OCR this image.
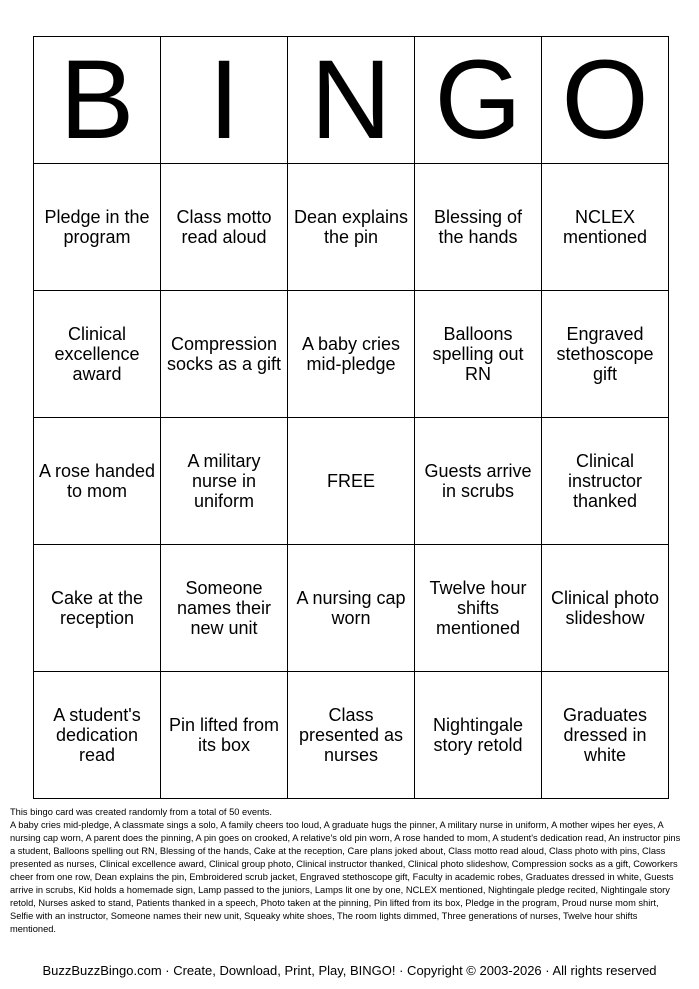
B	I	N	G	O
Pledge in the program	Class motto read aloud	Dean explains the pin	Blessing of the hands	NCLEX mentioned
Clinical excellence award	Compression socks as a gift	A baby cries mid-pledge	Balloons spelling out RN	Engraved stethoscope gift
A rose handed to mom	A military nurse in uniform	FREE	Guests arrive in scrubs	Clinical instructor thanked
Cake at the reception	Someone names their new unit	A nursing cap worn	Twelve hour shifts mentioned	Clinical photo slideshow
A student's dedication read	Pin lifted from its box	Class presented as nurses	Nightingale story retold	Graduates dressed in white

This bingo card was created randomly from a total of 50 events.

A baby cries mid-pledge, A classmate sings a solo, A family cheers too loud, A graduate hugs the pinner, A military nurse in uniform, A mother wipes her eyes, A nursing cap worn, A parent does the pinning, A pin goes on crooked, A relative's old pin worn, A rose handed to mom, A student's dedication read, An instructor pins a student, Balloons spelling out RN, Blessing of the hands, Cake at the reception, Care plans joked about, Class motto read aloud, Class photo with pins, Class presented as nurses, Clinical excellence award, Clinical group photo, Clinical instructor thanked, Clinical photo slideshow, Compression socks as a gift, Coworkers cheer from one row, Dean explains the pin, Embroidered scrub jacket, Engraved stethoscope gift, Faculty in academic robes, Graduates dressed in white, Guests arrive in scrubs, Kid holds a homemade sign, Lamp passed to the juniors, Lamps lit one by one, NCLEX mentioned, Nightingale pledge recited, Nightingale story retold, Nurses asked to stand, Patients thanked in a speech, Photo taken at the pinning, Pin lifted from its box, Pledge in the program, Proud nurse mom shirt, Selfie with an instructor, Someone names their new unit, Squeaky white shoes, The room lights dimmed, Three generations of nurses, Twelve hour shifts mentioned.

BuzzBuzzBingo.com · Create, Download, Print, Play, BINGO! · Copyright © 2003-2026 · All rights reserved
